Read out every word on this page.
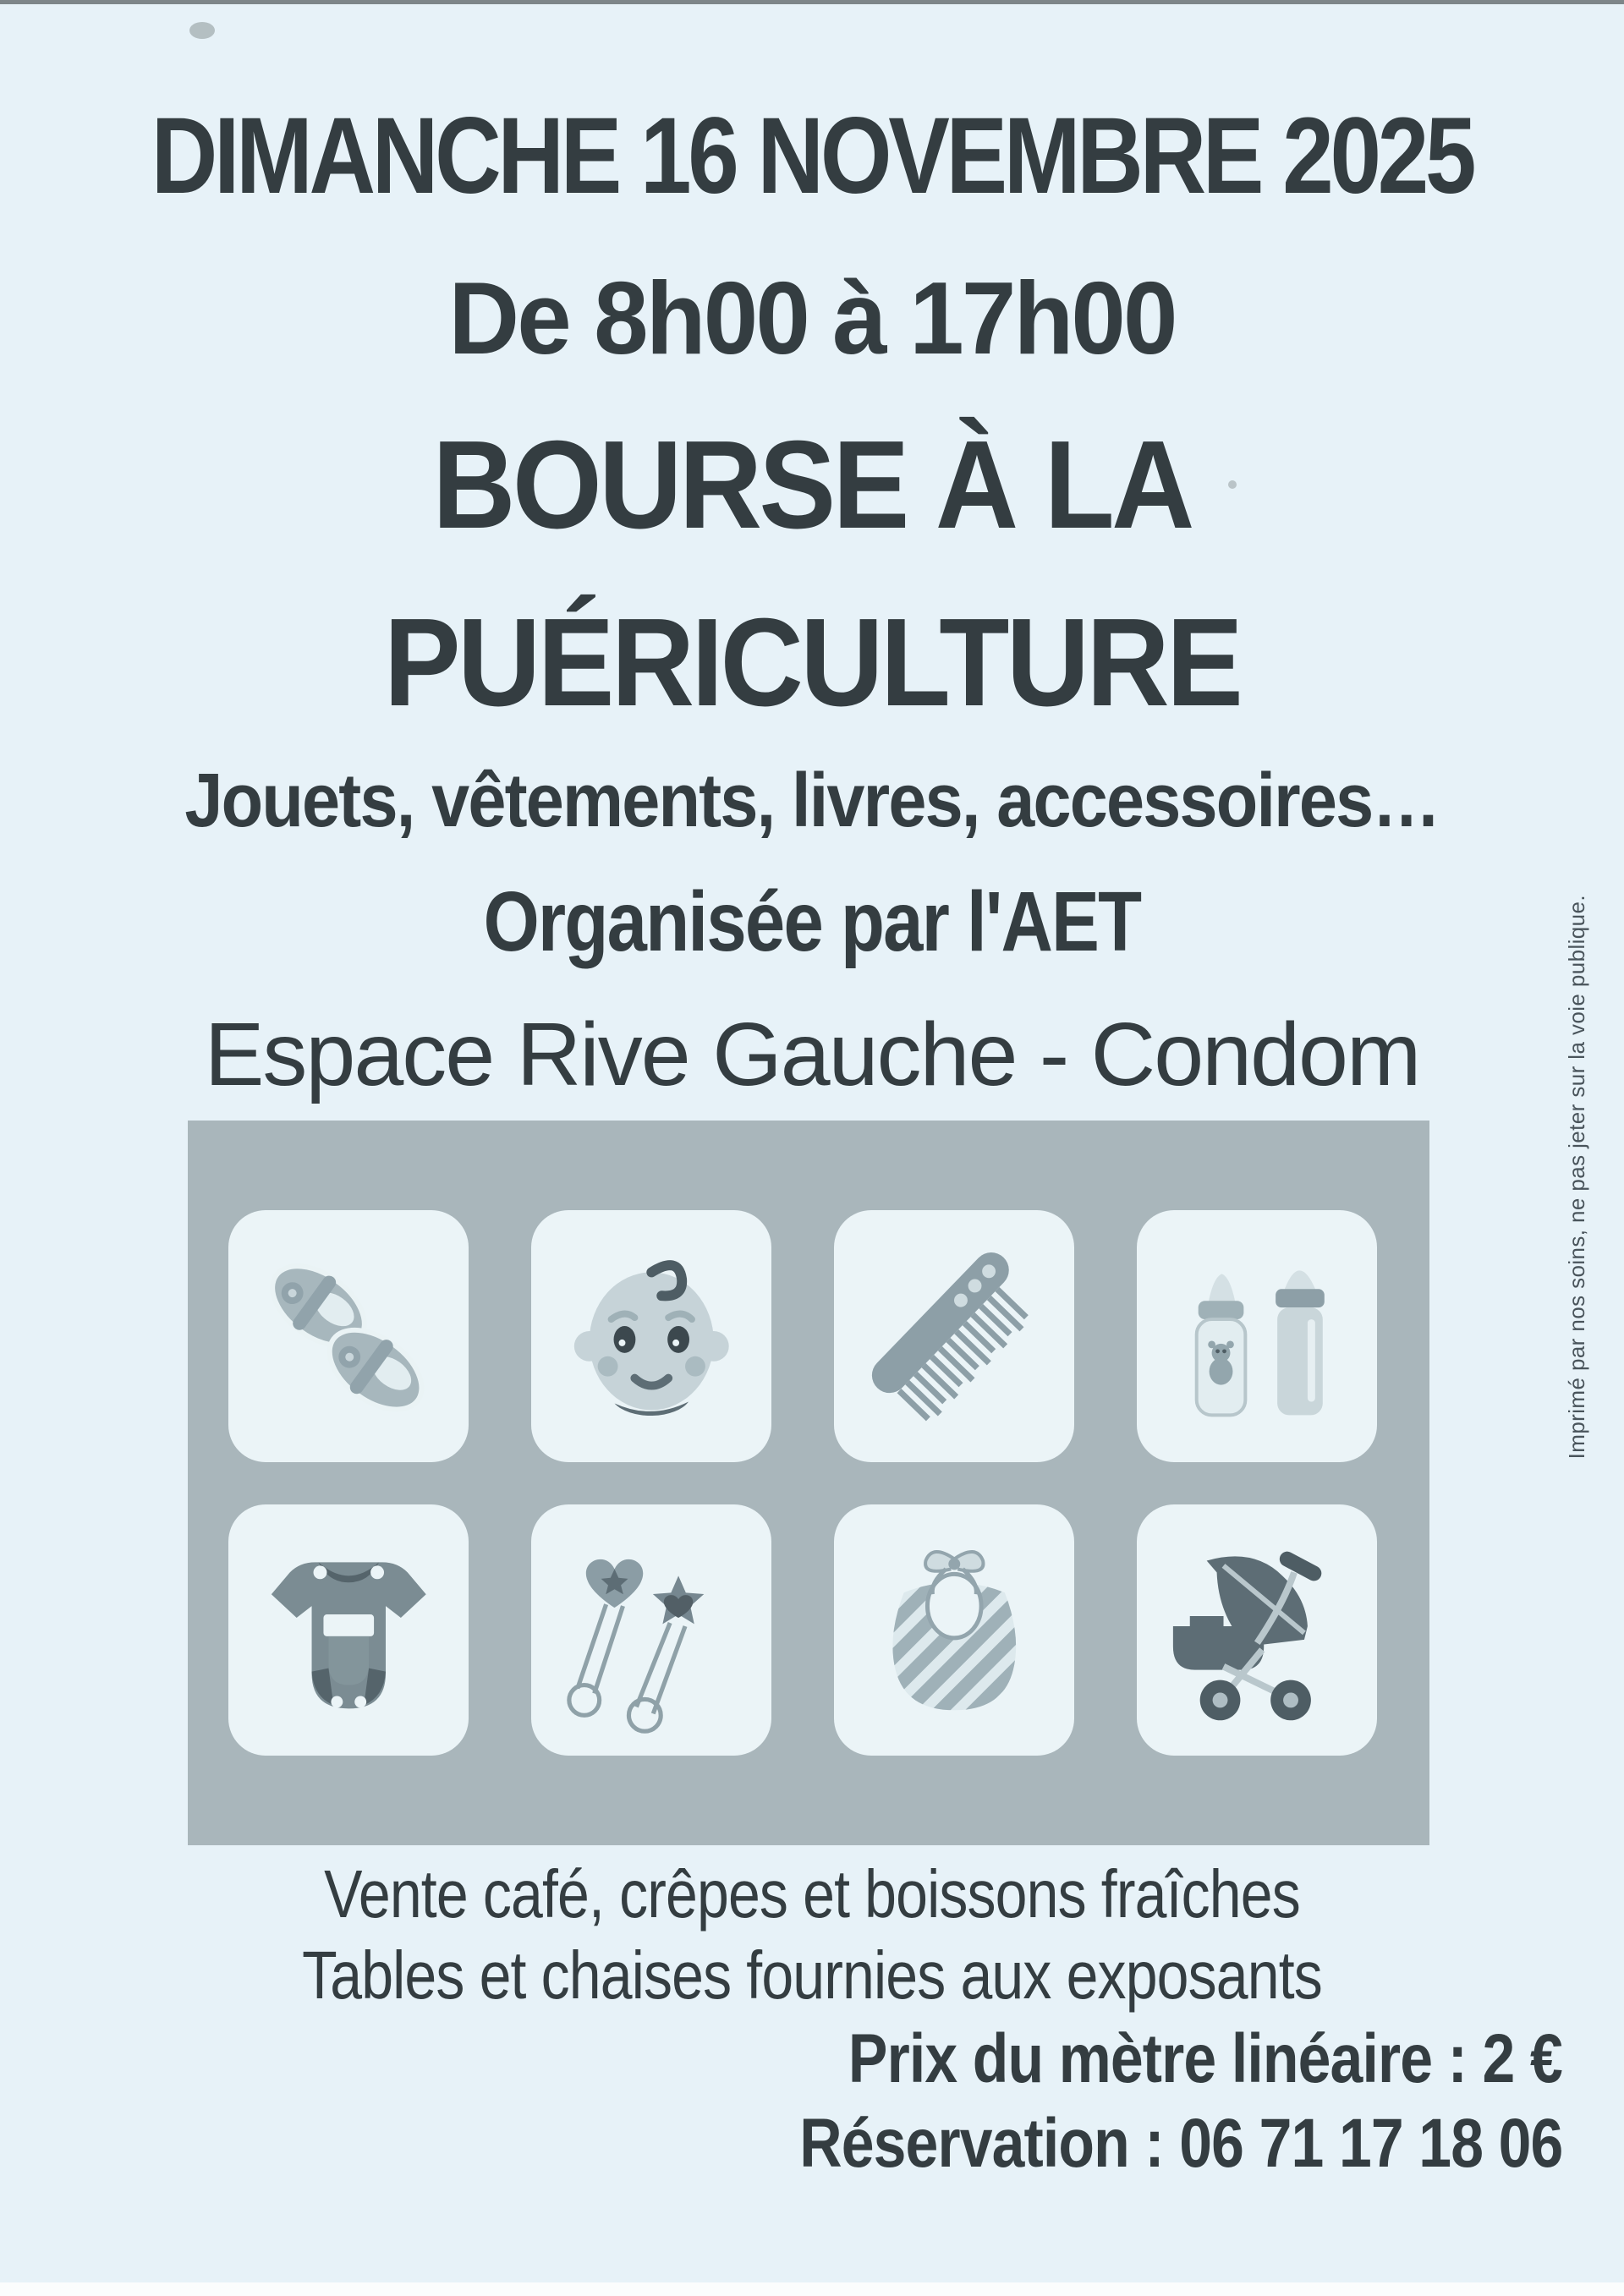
DIMANCHE 16 NOVEMBRE 2025
De 8h00 à 17h00
BOURSE À LA
PUÉRICULTURE
Jouets, vêtements, livres, accessoires…
Organisée par l'AET
Espace Rive Gauche - Condom
Vente café, crêpes et boissons fraîches
Tables et chaises fournies aux exposants
Prix du mètre linéaire : 2 €
Réservation : 06 71 17 18 06
Imprimé par nos soins, ne pas jeter sur la voie publique.
